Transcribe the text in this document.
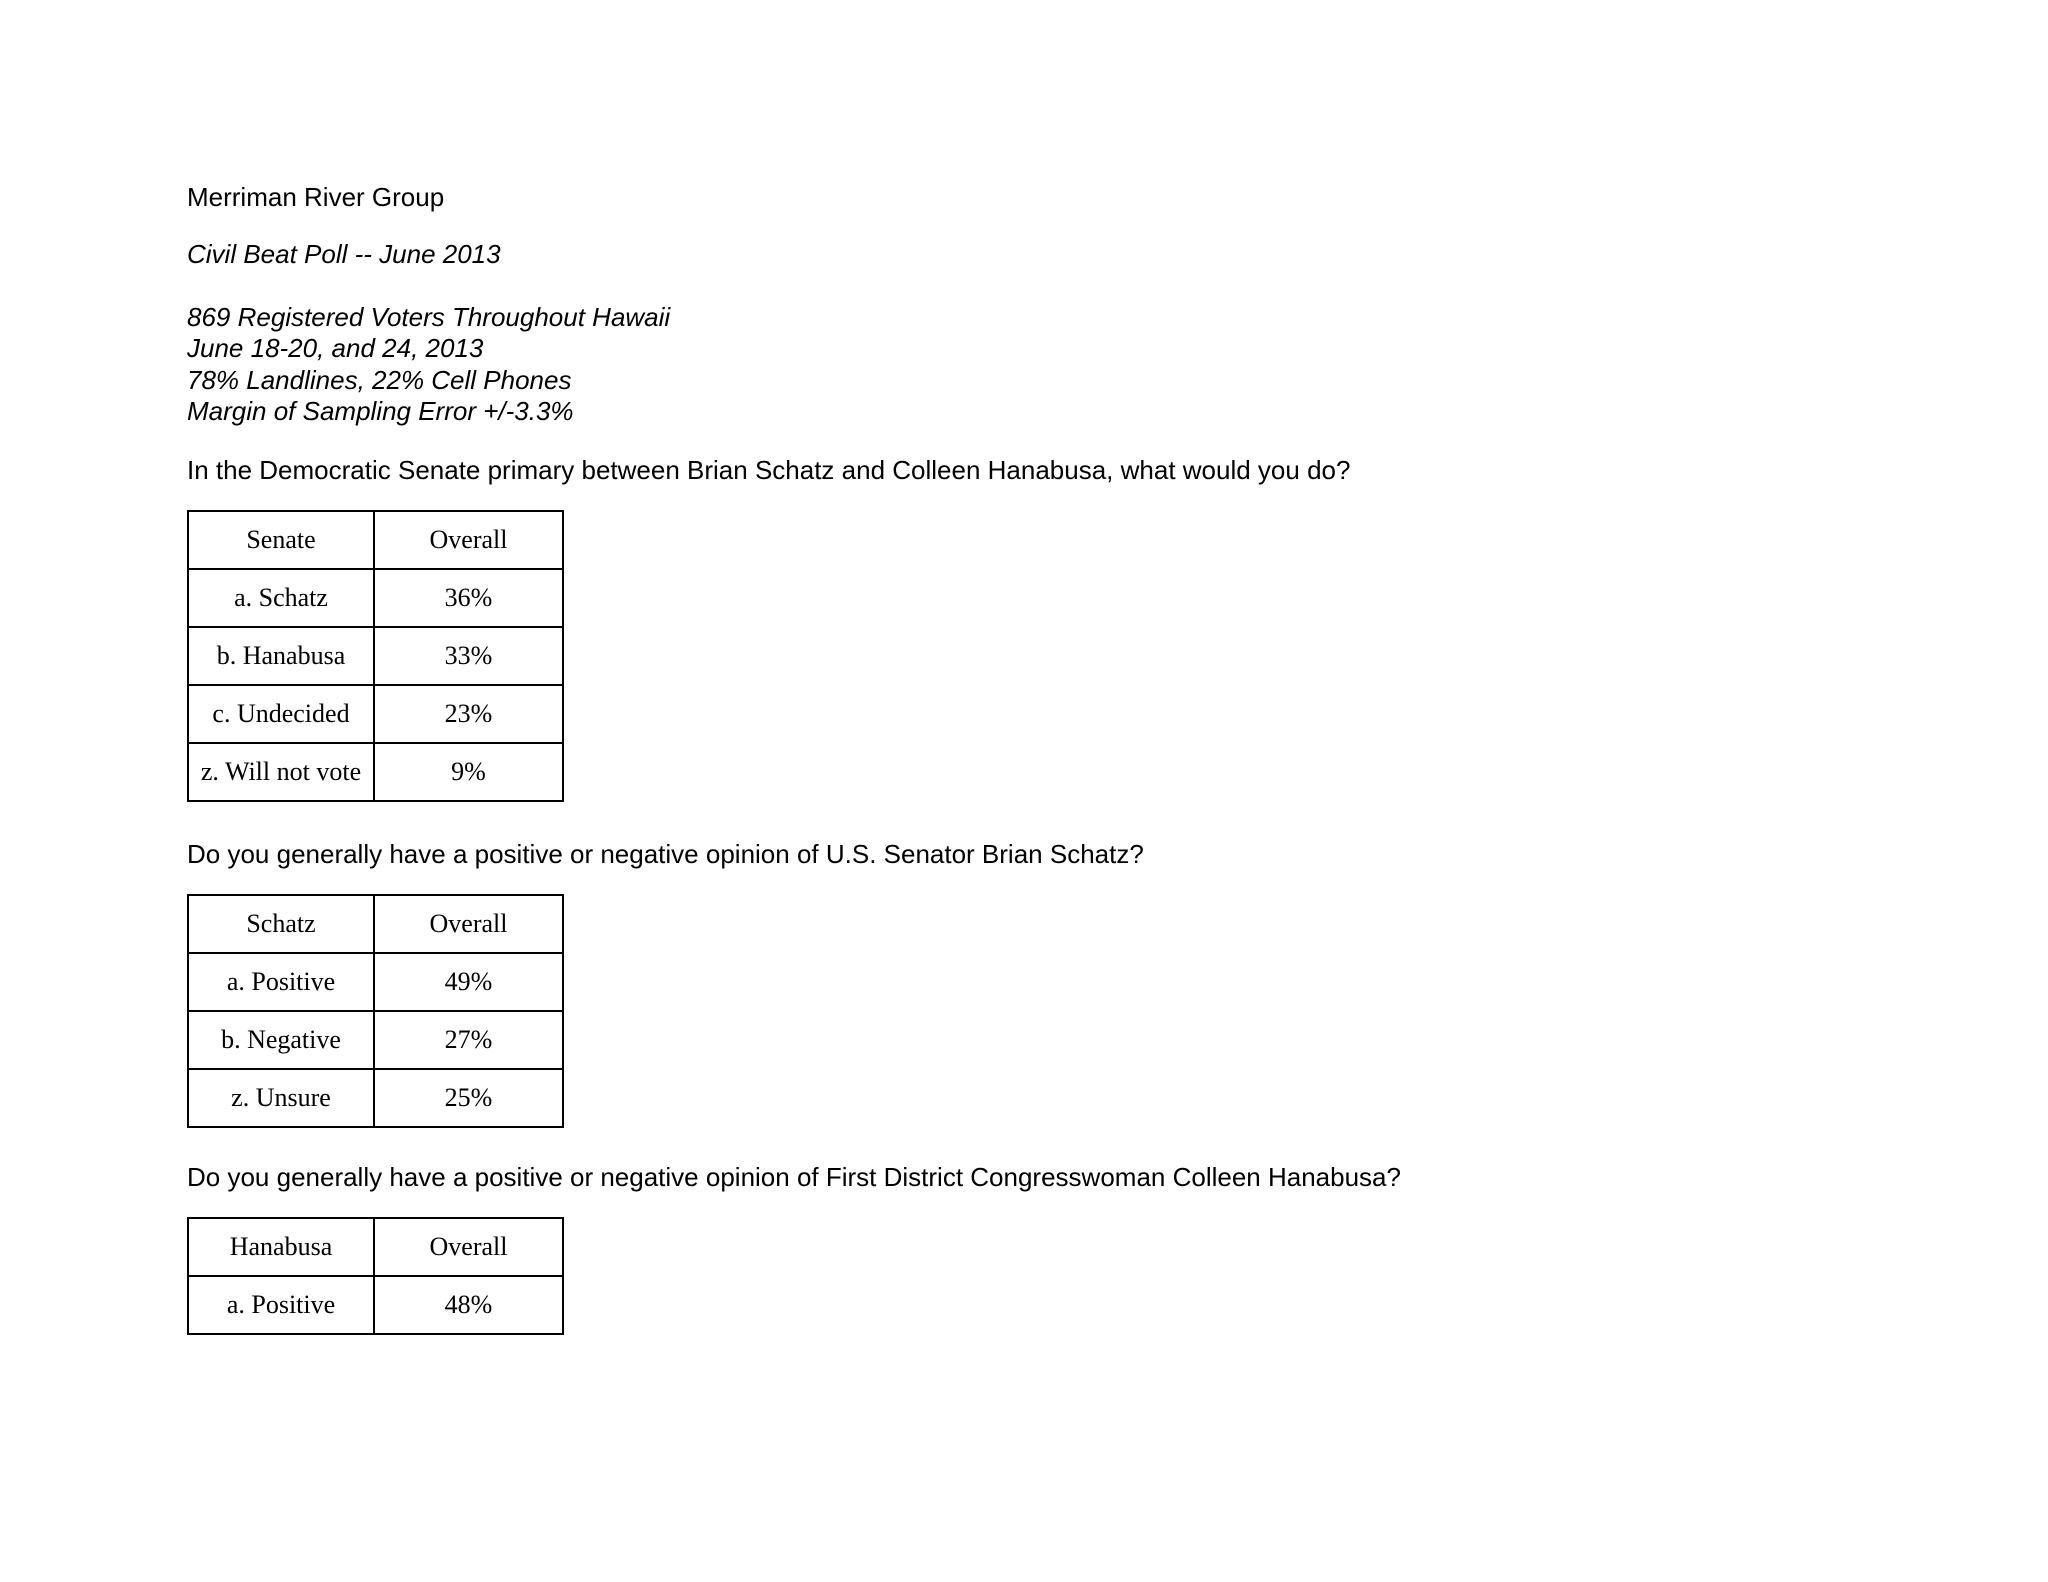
Merriman River Group

Civil Beat Poll -- June 2013

869 Registered Voters Throughout Hawaii
June 18-20, and 24, 2013
78% Landlines, 22% Cell Phones
Margin of Sampling Error +/-3.3%

In the Democratic Senate primary between Brian Schatz and Colleen Hanabusa, what would you do?

Senate	Overall
a. Schatz	36%
b. Hanabusa	33%
c. Undecided	23%
z. Will not vote	9%

Do you generally have a positive or negative opinion of U.S. Senator Brian Schatz?

Schatz	Overall
a. Positive	49%
b. Negative	27%
z. Unsure	25%

Do you generally have a positive or negative opinion of First District Congresswoman Colleen Hanabusa?

Hanabusa	Overall
a. Positive	48%
